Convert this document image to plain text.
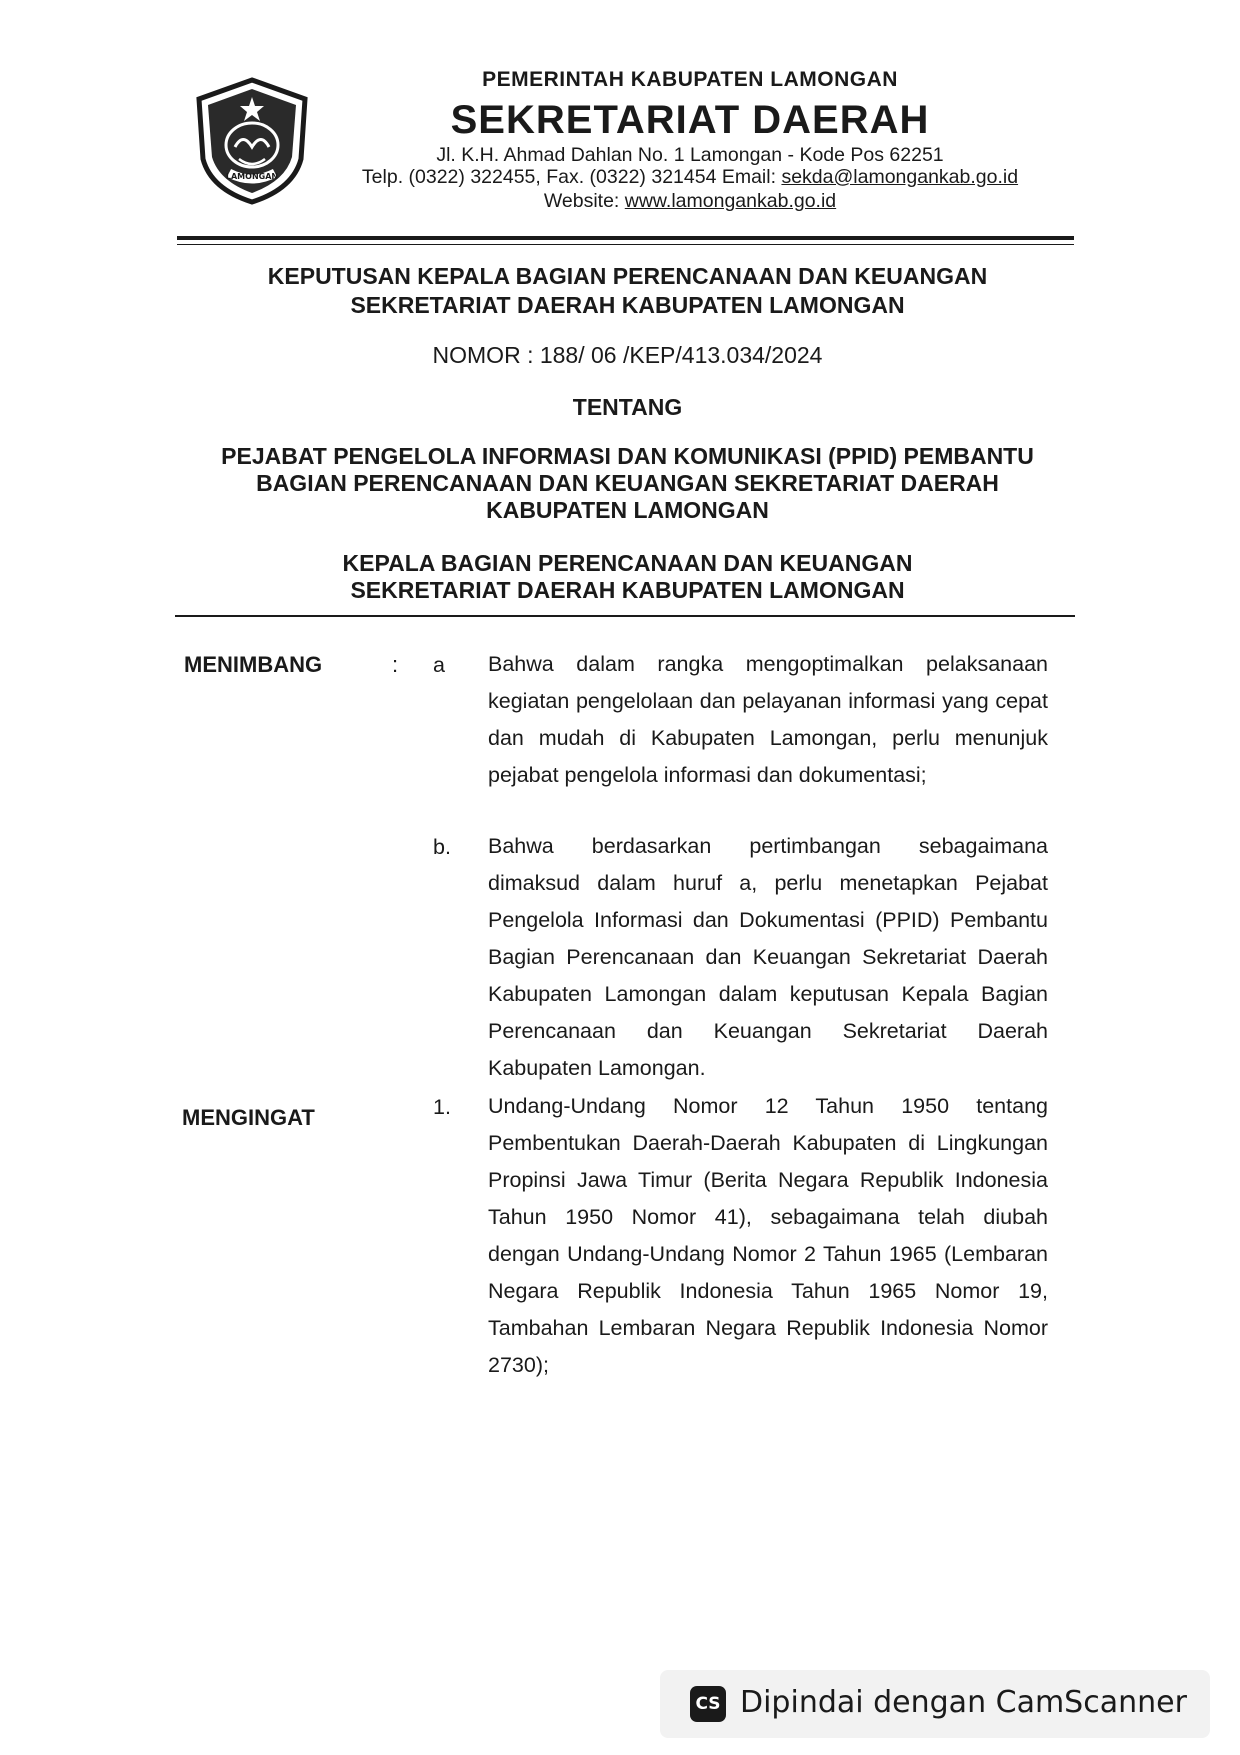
LAMONGAN
PEMERINTAH KABUPATEN LAMONGAN
SEKRETARIAT DAERAH
Jl. K.H. Ahmad Dahlan No. 1 Lamongan - Kode Pos 62251
Telp. (0322) 322455, Fax. (0322) 321454 Email: sekda@lamongankab.go.id
Website: www.lamongankab.go.id
KEPUTUSAN KEPALA BAGIAN PERENCANAAN DAN KEUANGAN
SEKRETARIAT DAERAH KABUPATEN LAMONGAN
NOMOR : 188/ 06 /KEP/413.034/2024
TENTANG
PEJABAT PENGELOLA INFORMASI DAN KOMUNIKASI (PPID) PEMBANTU
BAGIAN PERENCANAAN DAN KEUANGAN SEKRETARIAT DAERAH
KABUPATEN LAMONGAN
KEPALA BAGIAN PERENCANAAN DAN KEUANGAN
SEKRETARIAT DAERAH KABUPATEN LAMONGAN
MENIMBANG	: a Bahwa dalam rangka mengoptimalkan pelaksanaan kegiatan pengelolaan dan pelayanan informasi yang cepat dan mudah di Kabupaten Lamongan, perlu menunjuk pejabat pengelola informasi dan dokumentasi;
b. Bahwa berdasarkan pertimbangan sebagaimana dimaksud dalam huruf a, perlu menetapkan Pejabat Pengelola Informasi dan Dokumentasi (PPID) Pembantu Bagian Perencanaan dan Keuangan Sekretariat Daerah Kabupaten Lamongan dalam keputusan Kepala Bagian Perencanaan dan Keuangan Sekretariat Daerah Kabupaten Lamongan.
MENGINGAT	1. Undang-Undang Nomor 12 Tahun 1950 tentang Pembentukan Daerah-Daerah Kabupaten di Lingkungan Propinsi Jawa Timur (Berita Negara Republik Indonesia Tahun 1950 Nomor 41), sebagaimana telah diubah dengan Undang-Undang Nomor 2 Tahun 1965 (Lembaran Negara Republik Indonesia Tahun 1965 Nomor 19, Tambahan Lembaran Negara Republik Indonesia Nomor 2730);
CS Dipindai dengan CamScanner
